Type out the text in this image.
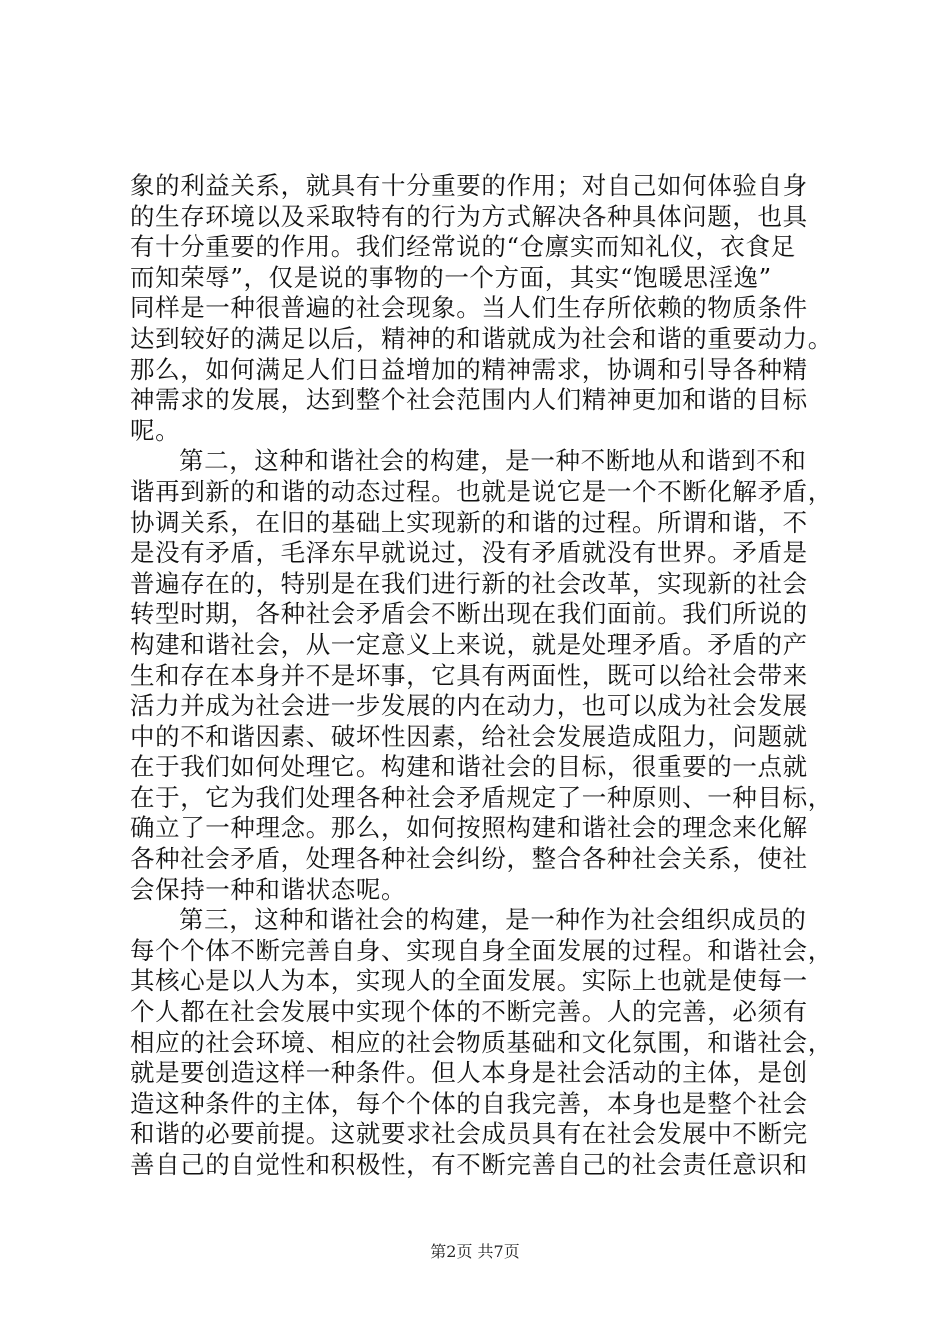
象的利益关系，就具有十分重要的作用；对自己如何体验自身
的生存环境以及采取特有的行为方式解决各种具体问题，也具
有十分重要的作用。我们经常说的“仓廪实而知礼仪，衣食足
而知荣辱”，仅是说的事物的一个方面，其实“饱暖思淫逸”
同样是一种很普遍的社会现象。当人们生存所依赖的物质条件
达到较好的满足以后，精神的和谐就成为社会和谐的重要动力。
那么，如何满足人们日益增加的精神需求，协调和引导各种精
神需求的发展，达到整个社会范围内人们精神更加和谐的目标
呢。
第二，这种和谐社会的构建，是一种不断地从和谐到不和
谐再到新的和谐的动态过程。也就是说它是一个不断化解矛盾，
协调关系，在旧的基础上实现新的和谐的过程。所谓和谐，不
是没有矛盾，毛泽东早就说过，没有矛盾就没有世界。矛盾是
普遍存在的，特别是在我们进行新的社会改革，实现新的社会
转型时期，各种社会矛盾会不断出现在我们面前。我们所说的
构建和谐社会，从一定意义上来说，就是处理矛盾。矛盾的产
生和存在本身并不是坏事，它具有两面性，既可以给社会带来
活力并成为社会进一步发展的内在动力，也可以成为社会发展
中的不和谐因素、破坏性因素，给社会发展造成阻力，问题就
在于我们如何处理它。构建和谐社会的目标，很重要的一点就
在于，它为我们处理各种社会矛盾规定了一种原则、一种目标，
确立了一种理念。那么，如何按照构建和谐社会的理念来化解
各种社会矛盾，处理各种社会纠纷，整合各种社会关系，使社
会保持一种和谐状态呢。
第三，这种和谐社会的构建，是一种作为社会组织成员的
每个个体不断完善自身、实现自身全面发展的过程。和谐社会，
其核心是以人为本，实现人的全面发展。实际上也就是使每一
个人都在社会发展中实现个体的不断完善。人的完善，必须有
相应的社会环境、相应的社会物质基础和文化氛围，和谐社会，
就是要创造这样一种条件。但人本身是社会活动的主体，是创
造这种条件的主体，每个个体的自我完善，本身也是整个社会
和谐的必要前提。这就要求社会成员具有在社会发展中不断完
善自己的自觉性和积极性，有不断完善自己的社会责任意识和
第2页 共7页
